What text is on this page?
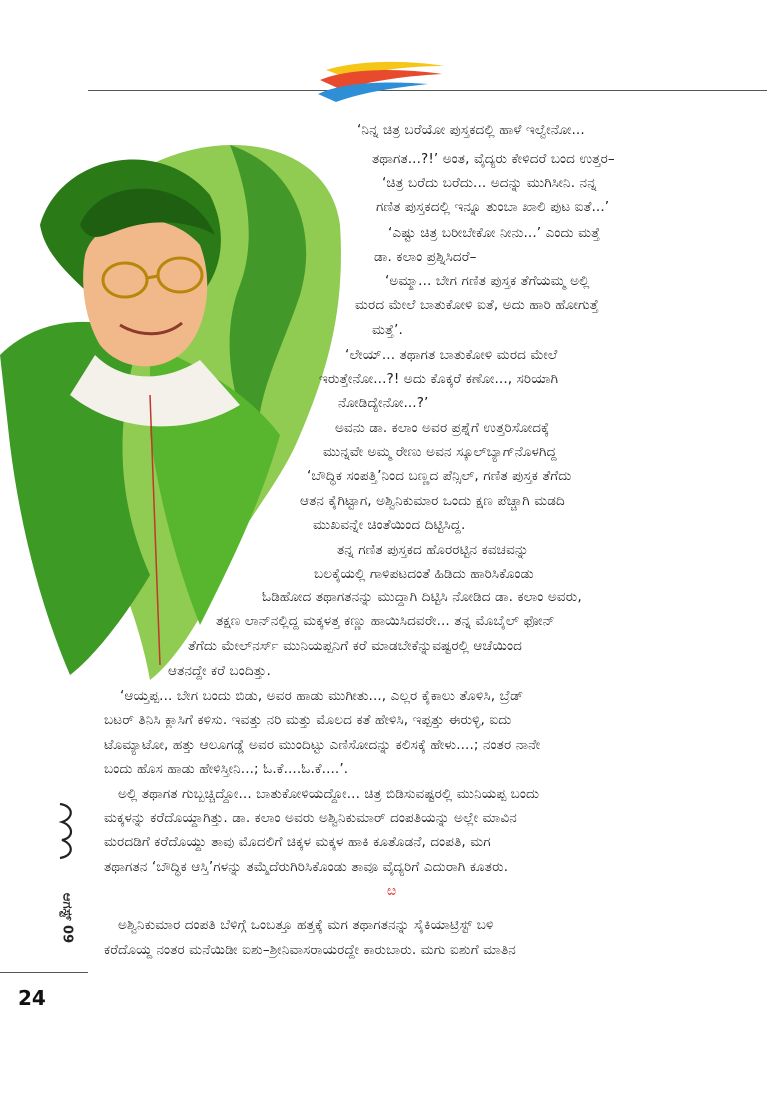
‘ನಿನ್ನ ಚಿತ್ರ ಬರೆಯೋ ಪುಸ್ತಕದಲ್ಲಿ ಹಾಳೆ ಇಲ್ವೇನೋ...
ತಥಾಗತ...?!’ ಅಂತ, ವೈದ್ಯರು ಕೇಳಿದರೆ ಬಂದ ಉತ್ತರ–
‘ಚಿತ್ರ ಬರೆದು ಬರೆದು... ಅದನ್ನು ಮುಗಿಸೀನಿ. ನನ್ನ
ಗಣಿತ ಪುಸ್ತಕದಲ್ಲಿ ಇನ್ನೂ ತುಂಬಾ ಖಾಲಿ ಪುಟ ಐತೆ...’
‘ಎಷ್ಟು ಚಿತ್ರ ಬರೀಬೇಕೋ ನೀನು...’ ಎಂದು ಮತ್ತೆ
ಡಾ. ಕಲಾಂ ಪ್ರಶ್ನಿಸಿದರೆ–
‘ಅಮ್ಮಾ... ಬೇಗ ಗಣಿತ ಪುಸ್ತಕ ತೆಗೆಯಮ್ಮ ಅಲ್ಲಿ
ಮರದ ಮೇಲೆ ಬಾತುಕೋಳಿ ಐತೆ, ಅದು ಹಾರಿ ಹೋಗುತ್ತೆ
ಮತ್ತೆ’.
‘ಲೇಯ್... ತಥಾಗತ ಬಾತುಕೋಳಿ ಮರದ ಮೇಲೆ
ಇರುತ್ತೇನೋ...?! ಅದು ಕೊಕ್ಕರೆ ಕಣೋ..., ಸರಿಯಾಗಿ
ನೋಡಿದ್ಯೇನೋ...?’
ಅವನು ಡಾ. ಕಲಾಂ ಅವರ ಪ್ರಶ್ನೆಗೆ ಉತ್ತರಿಸೋದಕ್ಕೆ
ಮುನ್ನವೇ ಅಮ್ಮ ರೇಣು ಅವನ ಸ್ಕೂಲ್‌ಬ್ಯಾಗ್‌ನೊಳಗಿದ್ದ
‘ಬೌದ್ಧಿಕ ಸಂಪತ್ತಿ’ನಿಂದ ಬಣ್ಣದ ಪೆನ್ಸಿಲ್, ಗಣಿತ ಪುಸ್ತಕ ತೆಗೆದು
ಆತನ ಕೈಗಿಟ್ಟಾಗ, ಅಶ್ವಿನಿಕುಮಾರ ಒಂದು ಕ್ಷಣ ಪೆಚ್ಚಾಗಿ ಮಡದಿ
ಮುಖವನ್ನೇ ಚಿಂತೆಯಿಂದ ದಿಟ್ಟಿಸಿದ್ದ.
ತನ್ನ ಗಣಿತ ಪುಸ್ತಕದ ಹೊರರಟ್ಟಿನ ಕವಚವನ್ನು
ಬಲಕೈಯಲ್ಲಿ ಗಾಳಿಪಟದಂತೆ ಹಿಡಿದು ಹಾರಿಸಿಕೊಂಡು
ಓಡಿಹೋದ ತಥಾಗತನನ್ನು ಮುದ್ದಾಗಿ ದಿಟ್ಟಿಸಿ ನೋಡಿದ ಡಾ. ಕಲಾಂ ಅವರು,
ತಕ್ಷಣ ಲಾನ್‌ನಲ್ಲಿದ್ದ ಮಕ್ಕಳತ್ತ ಕಣ್ಣು ಹಾಯಿಸಿದವರೇ... ತನ್ನ ಮೊಬೈಲ್ ಫೋನ್
ತೆಗೆದು ಮೇಲ್‌ನರ್ಸ್ ಮುನಿಯಪ್ಪನಿಗೆ ಕರೆ ಮಾಡಬೇಕೆನ್ನುವಷ್ಟರಲ್ಲಿ ಆಚೆಯಿಂದ
ಆತನದ್ದೇ ಕರೆ ಬಂದಿತ್ತು.
‘ಆಯ್ತಪ್ಪ... ಬೇಗ ಬಂದು ಬಿಡು, ಅವರ ಹಾಡು ಮುಗೀತು..., ಎಲ್ಲರ ಕೈಕಾಲು ತೊಳಿಸಿ, ಬ್ರೆಡ್
ಬಟರ್ ತಿನಿಸಿ ಕ್ಲಾಸಿಗೆ ಕಳಿಸು. ಇವತ್ತು ನರಿ ಮತ್ತು ಮೊಲದ ಕತೆ ಹೇಳಿಸಿ, ಇಪ್ಪತ್ತು ಈರುಳ್ಳಿ, ಐದು
ಟೊಮ್ಯಾಟೋ, ಹತ್ತು ಆಲೂಗಡ್ಡೆ ಅವರ ಮುಂದಿಟ್ಟು ಎಣಿಸೋದನ್ನು ಕಲಿಸಕ್ಕೆ ಹೇಳು....; ನಂತರ ನಾನೇ
ಬಂದು ಹೊಸ ಹಾಡು ಹೇಳಿಸ್ತೀನಿ...; ಓ.ಕೆ....ಓ.ಕೆ....’.
ಅಲ್ಲಿ ತಥಾಗತ ಗುಬ್ಬಚ್ಚಿದ್ದೋ... ಬಾತುಕೋಳಿಯದ್ದೋ... ಚಿತ್ರ ಬಿಡಿಸುವಷ್ಟರಲ್ಲಿ ಮುನಿಯಪ್ಪ ಬಂದು
ಮಕ್ಕಳನ್ನು ಕರೆದೊಯ್ದಾಗಿತ್ತು. ಡಾ. ಕಲಾಂ ಅವರು ಅಶ್ವಿನಿಕುಮಾರ್ ದಂಪತಿಯನ್ನು ಅಲ್ಲೇ ಮಾವಿನ
ಮರದಡಿಗೆ ಕರೆದೊಯ್ದು ತಾವು ಮೊದಲಿಗೆ ಚಿಕ್ಕಳ ಮಕ್ಕಳ ಹಾಕಿ ಕೂತೊಡನೆ, ದಂಪತಿ, ಮಗ
ತಥಾಗತನ ‘ಬೌದ್ಧಿಕ ಆಸ್ತಿ’ಗಳನ್ನು ತಮ್ಮೆದೆರುಗಿರಿಸಿಕೊಂಡು ತಾವೂ ವೈದ್ಯರಿಗೆ ಎದುರಾಗಿ ಕೂತರು.
ೞ
ಅಶ್ವಿನಿಕುಮಾರ ದಂಪತಿ ಬೆಳಿಗ್ಗೆ ಒಂಬತ್ತೂ ಹತ್ತಕ್ಕೆ ಮಗ ತಥಾಗತನನ್ನು ಸೈಕಿಯಾಟ್ರಿಸ್ಟ್ ಬಳಿ
ಕರೆದೊಯ್ದ ನಂತರ ಮನೆಯಿಡೀ ಐಶು–ಶ್ರೀನಿವಾಸರಾಯರದ್ದೇ ಕಾರುಬಾರು. ಮಗು ಐಶುಗೆ ಮಾತಿನ
ಆಗಸ್ಟ್ 09
24
